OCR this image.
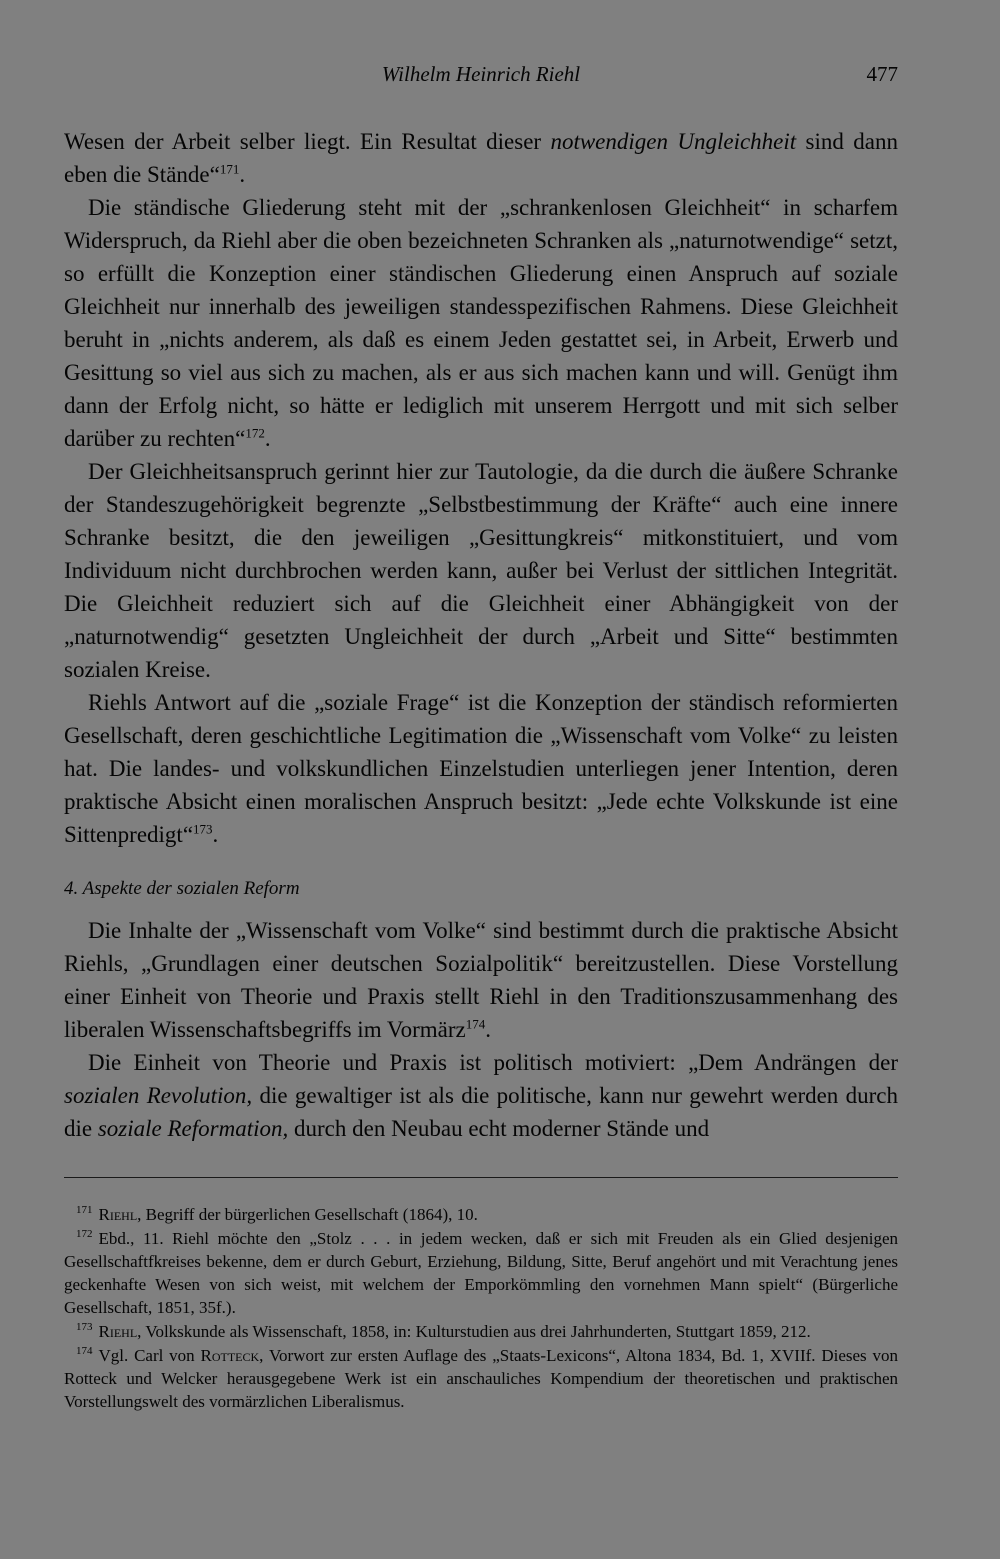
Wilhelm Heinrich Riehl	477

Wesen der Arbeit selber liegt. Ein Resultat dieser notwendigen Ungleichheit sind dann eben die Stände“$^{171}$.

Die ständische Gliederung steht mit der „schrankenlosen Gleichheit“ in scharfem Widerspruch, da Riehl aber die oben bezeichneten Schranken als „naturnotwendige“ setzt, so erfüllt die Konzeption einer ständischen Gliederung einen Anspruch auf soziale Gleichheit nur innerhalb des jeweiligen standesspezifischen Rahmens. Diese Gleichheit beruht in „nichts anderem, als daß es einem Jeden gestattet sei, in Arbeit, Erwerb und Gesittung so viel aus sich zu machen, als er aus sich machen kann und will. Genügt ihm dann der Erfolg nicht, so hätte er lediglich mit unserem Herrgott und mit sich selber darüber zu rechten“$^{172}$.

Der Gleichheitsanspruch gerinnt hier zur Tautologie, da die durch die äußere Schranke der Standeszugehörigkeit begrenzte „Selbstbestimmung der Kräfte“ auch eine innere Schranke besitzt, die den jeweiligen „Gesittungkreis“ mitkonstituiert, und vom Individuum nicht durchbrochen werden kann, außer bei Verlust der sittlichen Integrität. Die Gleichheit reduziert sich auf die Gleichheit einer Abhängigkeit von der „naturnotwendig“ gesetzten Ungleichheit der durch „Arbeit und Sitte“ bestimmten sozialen Kreise.

Riehls Antwort auf die „soziale Frage“ ist die Konzeption der ständisch reformierten Gesellschaft, deren geschichtliche Legitimation die „Wissenschaft vom Volke“ zu leisten hat. Die landes- und volkskundlichen Einzelstudien unterliegen jener Intention, deren praktische Absicht einen moralischen Anspruch besitzt: „Jede echte Volkskunde ist eine Sittenpredigt“$^{173}$.

4. Aspekte der sozialen Reform

Die Inhalte der „Wissenschaft vom Volke“ sind bestimmt durch die praktische Absicht Riehls, „Grundlagen einer deutschen Sozialpolitik“ bereitzustellen. Diese Vorstellung einer Einheit von Theorie und Praxis stellt Riehl in den Traditionszusammenhang des liberalen Wissenschaftsbegriffs im Vormärz$^{174}$.

Die Einheit von Theorie und Praxis ist politisch motiviert: „Dem Andrängen der sozialen Revolution, die gewaltiger ist als die politische, kann nur gewehrt werden durch die soziale Reformation, durch den Neubau echt moderner Stände und

$^{171}$ Riehl, Begriff der bürgerlichen Gesellschaft (1864), 10.

$^{172}$ Ebd., 11. Riehl möchte den „Stolz . . . in jedem wecken, daß er sich mit Freuden als ein Glied desjenigen Gesellschaftfkreises bekenne, dem er durch Geburt, Erziehung, Bildung, Sitte, Beruf angehört und mit Verachtung jenes geckenhafte Wesen von sich weist, mit welchem der Emporkömmling den vornehmen Mann spielt“ (Bürgerliche Gesellschaft, 1851, 35f.).

$^{173}$ Riehl, Volkskunde als Wissenschaft, 1858, in: Kulturstudien aus drei Jahrhunderten, Stuttgart 1859, 212.

$^{174}$ Vgl. Carl von Rotteck, Vorwort zur ersten Auflage des „Staats-Lexicons“, Altona 1834, Bd. 1, XVIIf. Dieses von Rotteck und Welcker herausgegebene Werk ist ein anschauliches Kompendium der theoretischen und praktischen Vorstellungswelt des vormärzlichen Liberalismus.
